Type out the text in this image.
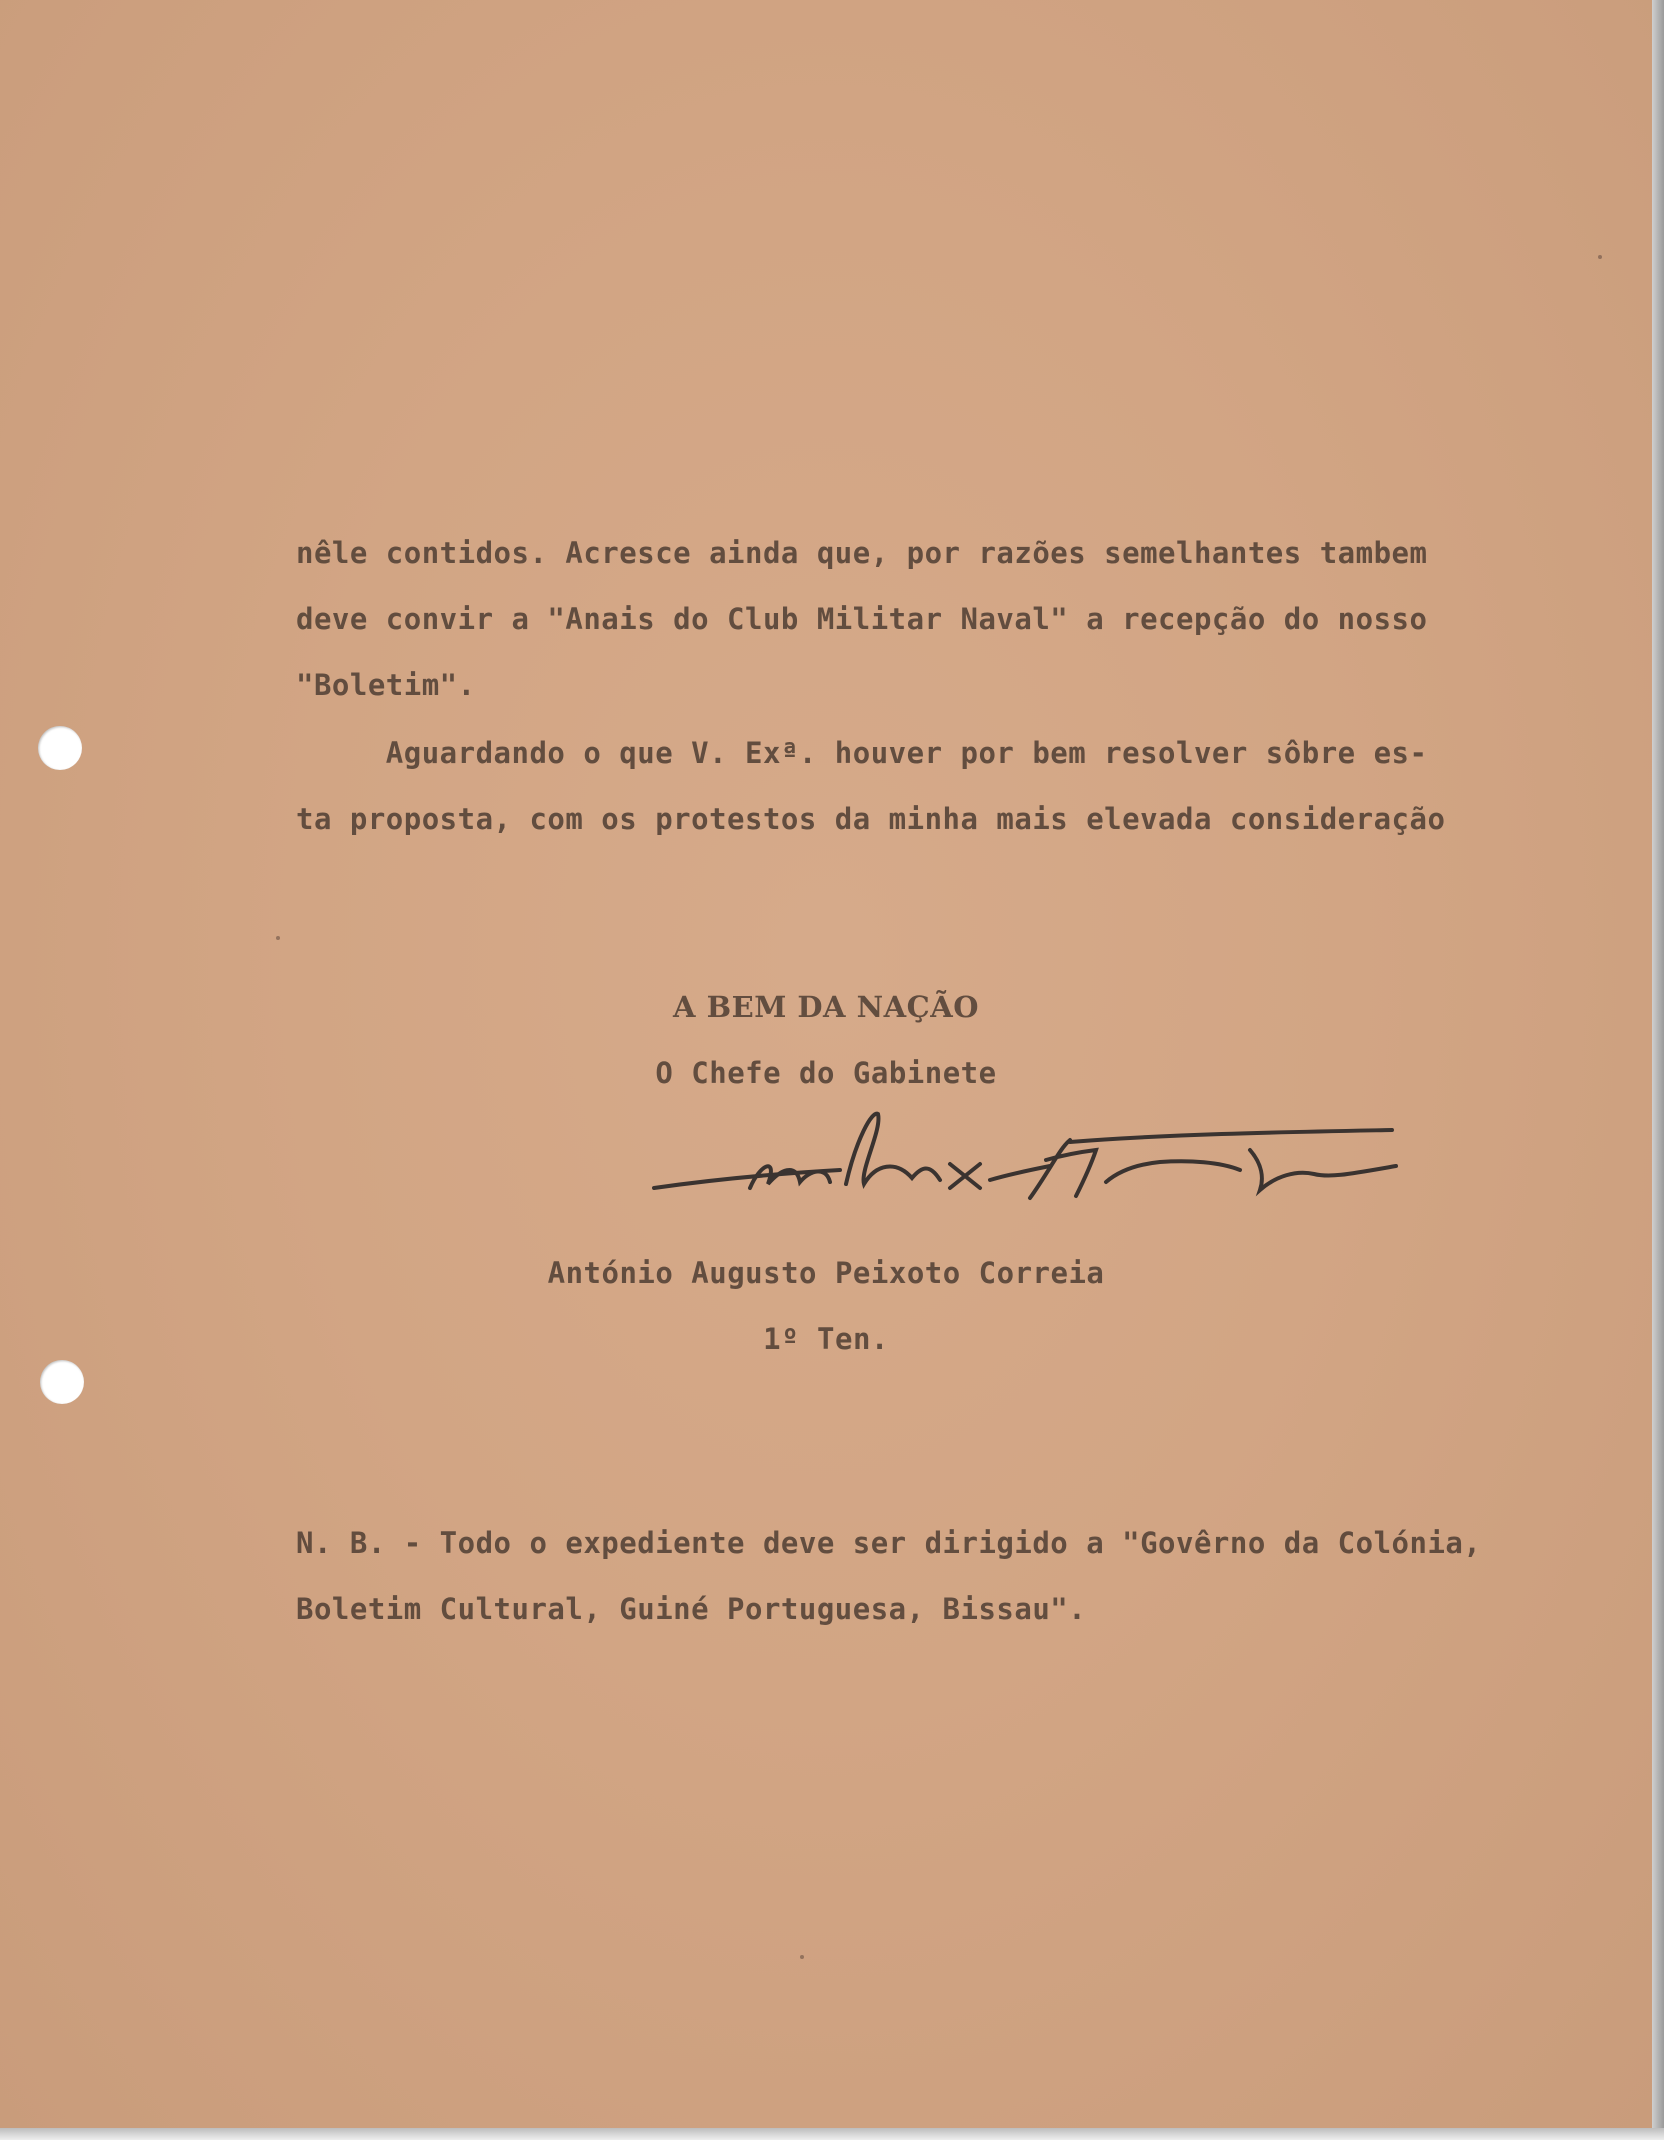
nêle contidos. Acresce ainda que, por razões semelhantes tambem

deve convir a "Anais do Club Militar Naval" a recepção do nosso

"Boletim".

Aguardando o que V. Exª. houver por bem resolver sôbre es-

ta proposta, com os protestos da minha mais elevada consideração

A BEM DA NAÇÃO

O Chefe do Gabinete

António Augusto Peixoto Correia

1º Ten.

N. B. - Todo o expediente deve ser dirigido a "Govêrno da Colónia,

Boletim Cultural, Guiné Portuguesa, Bissau".
